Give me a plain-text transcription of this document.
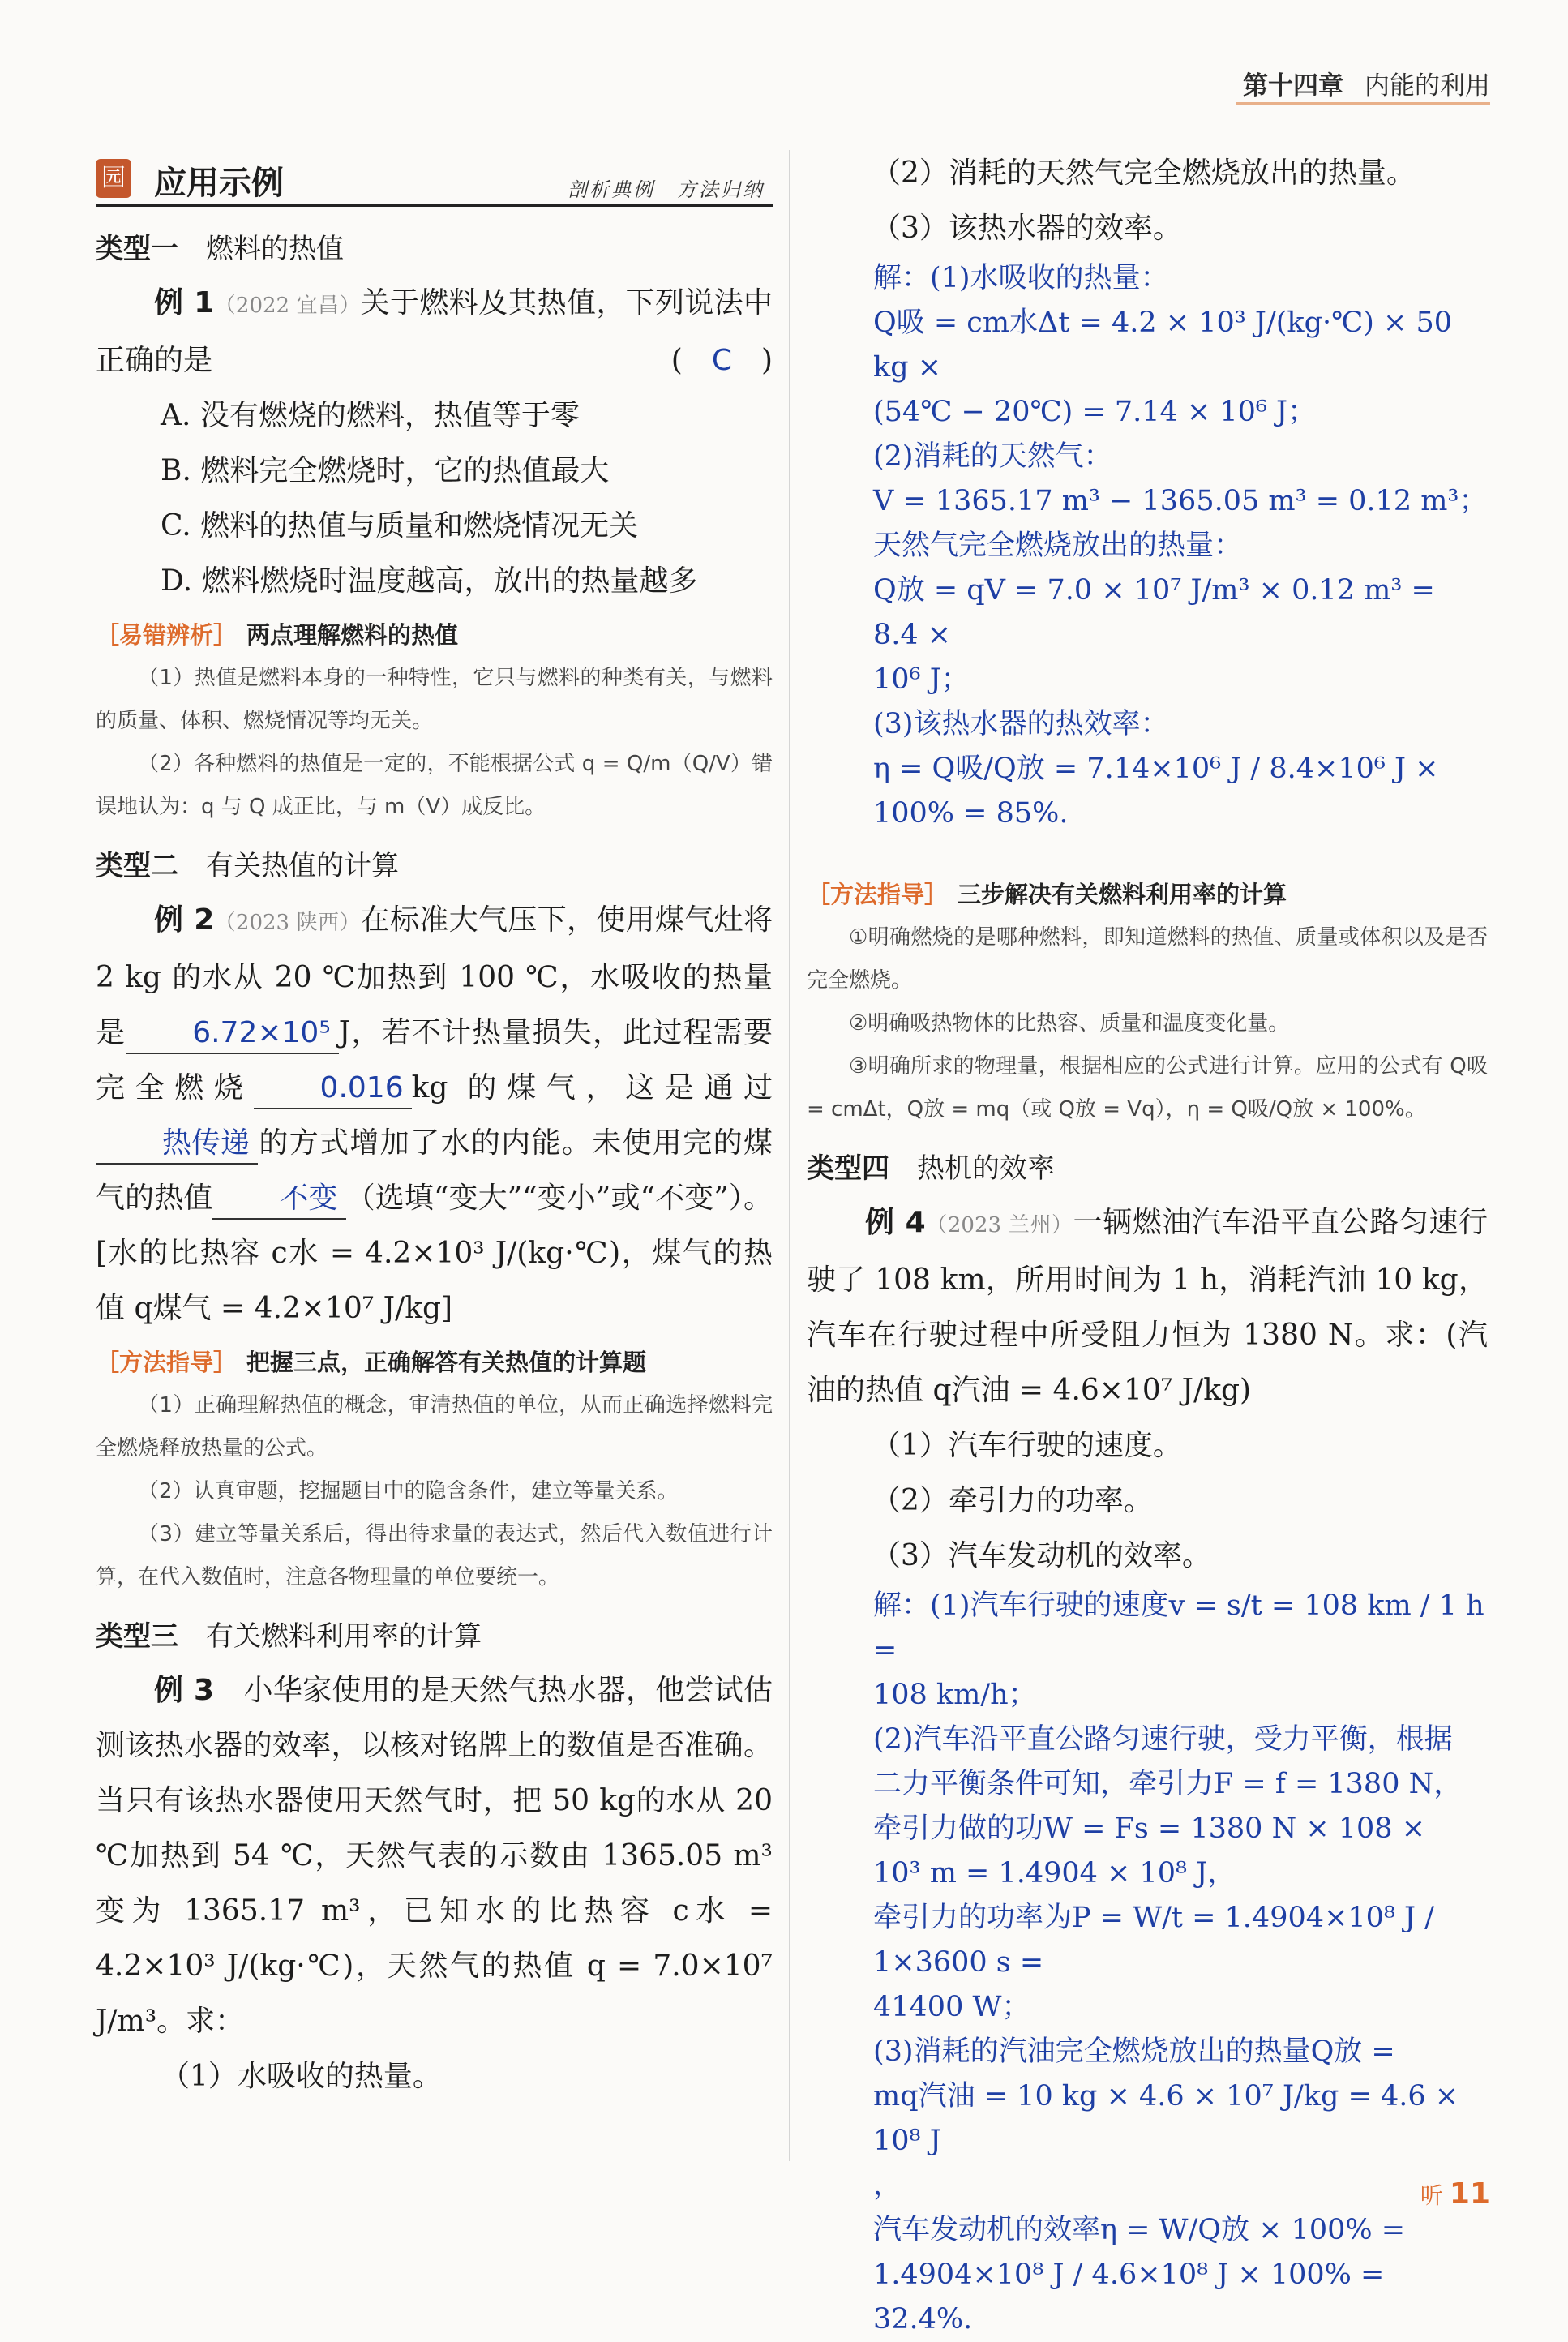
第十四章 内能的利用
园 应用示例	剖析典例　方法归纳
类型一 燃料的热值

例 1（2022 宜昌）关于燃料及其热值，下列说法中正确的是	(　C　)

A. 没有燃烧的燃料，热值等于零

B. 燃料完全燃烧时，它的热值最大

C. 燃料的热值与质量和燃烧情况无关

D. 燃料燃烧时温度越高，放出的热量越多

［易错辨析］ 两点理解燃料的热值

（1）热值是燃料本身的一种特性，它只与燃料的种类有关，与燃料的质量、体积、燃烧情况等均无关。

（2）各种燃料的热值是一定的，不能根据公式 q = Q/m（Q/V）错误地认为：q 与 Q 成正比，与 m（V）成反比。

类型二 有关热值的计算

例 2（2023 陕西）在标准大气压下，使用煤气灶将 2 kg 的水从 20 ℃加热到 100 ℃，水吸收的热量是 6.72×10⁵ J，若不计热量损失，此过程需要完全燃烧 0.016 kg 的煤气，这是通过热传递 的方式增加了水的内能。未使用完的煤气的热值 不变 （选填“变大”“变小”或“不变”）。[水的比热容 c水 = 4.2×10³ J/(kg·℃)，煤气的热值 q煤气 = 4.2×10⁷ J/kg]

［方法指导］ 把握三点，正确解答有关热值的计算题

（1）正确理解热值的概念，审清热值的单位，从而正确选择燃料完全燃烧释放热量的公式。

（2）认真审题，挖掘题目中的隐含条件，建立等量关系。

（3）建立等量关系后，得出待求量的表达式，然后代入数值进行计算，在代入数值时，注意各物理量的单位要统一。

类型三 有关燃料利用率的计算

例 3　 小华家使用的是天然气热水器，他尝试估测该热水器的效率，以核对铭牌上的数值是否准确。当只有该热水器使用天然气时，把 50 kg的水从 20 ℃加热到 54 ℃，天然气表的示数由 1365.05 m³ 变为 1365.17 m³，已知水的比热容 c水 = 4.2×10³ J/(kg·℃)，天然气的热值 q = 7.0×10⁷ J/m³。求：

（1）水吸收的热量。

（2）消耗的天然气完全燃烧放出的热量。

（3）该热水器的效率。

解：(1)水吸收的热量：

Q吸 = cm水Δt = 4.2 × 10³ J/(kg·℃) × 50 kg ×

(54℃ − 20℃) = 7.14 × 10⁶ J；

(2)消耗的天然气：

V = 1365.17 m³ − 1365.05 m³ = 0.12 m³；

天然气完全燃烧放出的热量：

Q放 = qV = 7.0 × 10⁷ J/m³ × 0.12 m³ = 8.4 ×

10⁶ J；

(3)该热水器的热效率：

η = Q吸/Q放 = 7.14×10⁶ J / 8.4×10⁶ J × 100% = 85%.

［方法指导］ 三步解决有关燃料利用率的计算

①明确燃烧的是哪种燃料，即知道燃料的热值、质量或体积以及是否完全燃烧。

②明确吸热物体的比热容、质量和温度变化量。

③明确所求的物理量，根据相应的公式进行计算。应用的公式有 Q吸 = cmΔt，Q放 = mq（或 Q放 = Vq），η = Q吸/Q放 × 100%。

类型四 热机的效率

例 4（2023 兰州）一辆燃油汽车沿平直公路匀速行驶了 108 km，所用时间为 1 h，消耗汽油 10 kg，汽车在行驶过程中所受阻力恒为 1380 N。求：(汽油的热值 q汽油 = 4.6×10⁷ J/kg)

（1）汽车行驶的速度。

（2）牵引力的功率。

（3）汽车发动机的效率。

解：(1)汽车行驶的速度v = s/t = 108 km / 1 h =

108 km/h；

(2)汽车沿平直公路匀速行驶，受力平衡，根据

二力平衡条件可知，牵引力F = f = 1380 N，

牵引力做的功W = Fs = 1380 N × 108 ×

10³ m = 1.4904 × 10⁸ J，

牵引力的功率为P = W/t = 1.4904×10⁸ J / 1×3600 s =

41400 W；

(3)消耗的汽油完全燃烧放出的热量Q放 =

mq汽油 = 10 kg × 4.6 × 10⁷ J/kg = 4.6 × 10⁸ J

，

汽车发动机的效率η = W/Q放 × 100% =

1.4904×10⁸ J / 4.6×10⁸ J × 100% = 32.4%.

听 11
